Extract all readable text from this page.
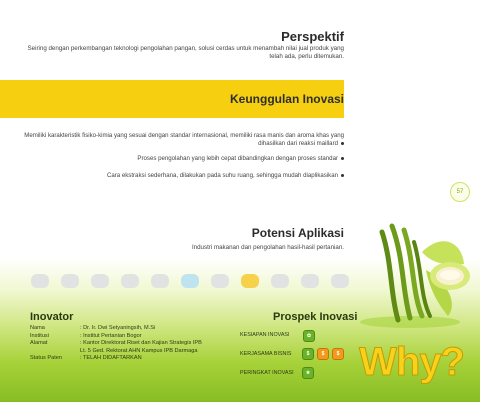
Perspektif
Seiring dengan perkembangan teknologi pengolahan pangan, solusi cerdas untuk menambah nilai jual produk yang telah ada, perlu ditemukan.
Keunggulan Inovasi
Memiliki karakteristik fisiko-kimia yang sesuai dengan standar internasional, memiliki rasa manis dan aroma khas yang dihasilkan dari reaksi maillard
Proses pengolahan yang lebih cepat dibandingkan dengan proses standar
Cara ekstraksi sederhana, dilakukan pada suhu ruang, sehingga mudah diaplikasikan
57
Potensi Aplikasi
Industri makanan dan pengolahan hasil-hasil pertanian.
Inovator
Nama	: Dr. Ir. Dwi Setyaningsih, M.Si
Institusi	: Institut Pertanian Bogor
Alamat	: Kantor Direktorat Riset dan Kajian Strategis IPB
Lt. 5 Ged. Rektorat AHN Kampus IPB Darmaga
Status Paten	: TELAH DIDAFTARKAN
Prospek Inovasi
KESIAPAN INOVASI	✿
KERJASAMA BISNIS	$	$	$
PERINGKAT INOVASI	★ Why?
